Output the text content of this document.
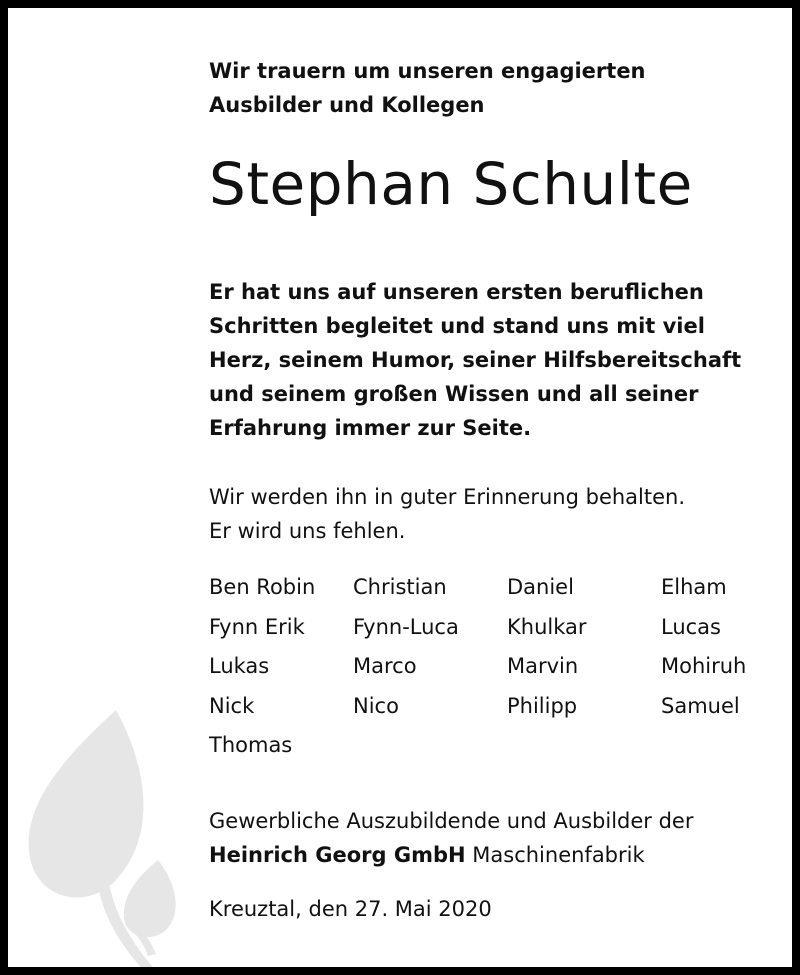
Wir trauern um unseren engagierten
Ausbilder und Kollegen
Stephan Schulte
Er hat uns auf unseren ersten beruflichen
Schritten begleitet und stand uns mit viel
Herz, seinem Humor, seiner Hilfsbereitschaft
und seinem großen Wissen und all seiner
Erfahrung immer zur Seite.
Wir werden ihn in guter Erinnerung behalten.
Er wird uns fehlen.
Ben Robin	Christian	Daniel	Elham
Fynn Erik	Fynn-Luca	Khulkar	Lucas
Lukas	Marco	Marvin	Mohiruh
Nick	Nico	Philipp	Samuel
Thomas
Gewerbliche Auszubildende und Ausbilder der
Heinrich Georg GmbH Maschinenfabrik
Kreuztal, den 27. Mai 2020
